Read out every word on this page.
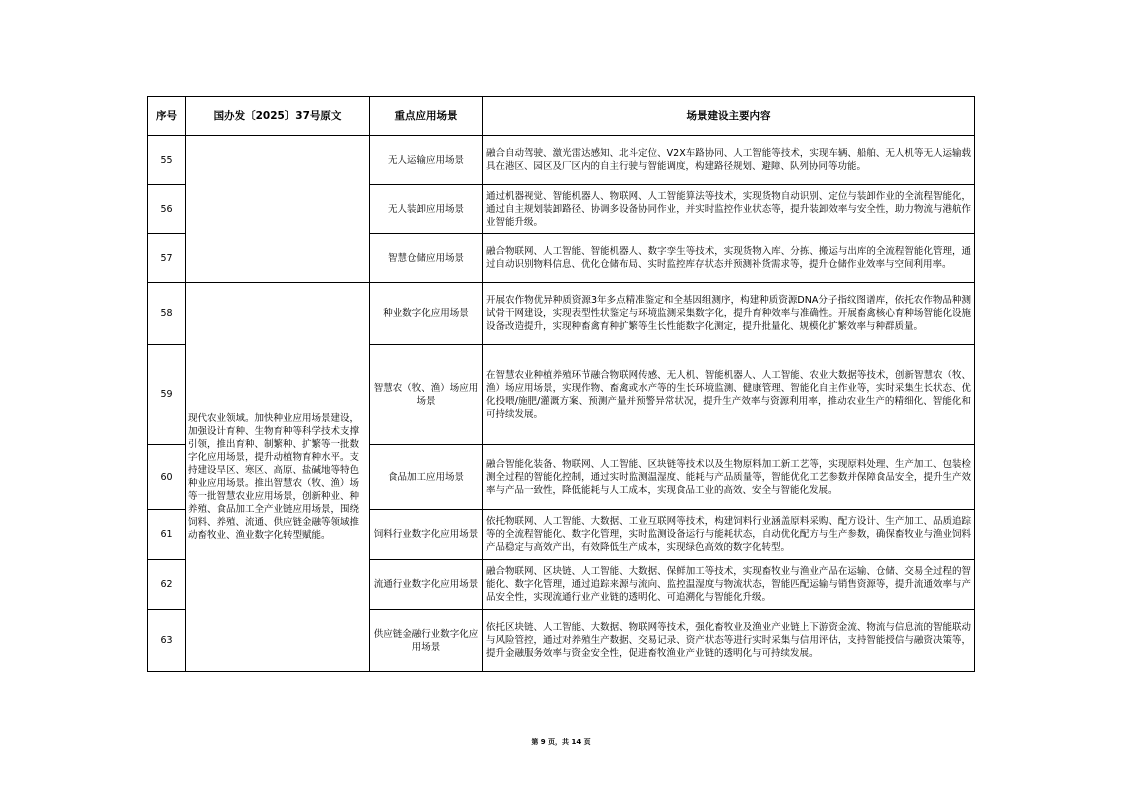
序号	国办发〔2025〕37号原文	重点应用场景	场景建设主要内容
55		无人运输应用场景	融合自动驾驶、激光雷达感知、北斗定位、V2X车路协同、人工智能等技术，实现车辆、船舶、无人机等无人运输载具在港区、园区及厂区内的自主行驶与智能调度，构建路径规划、避障、队列协同等功能。
56		无人装卸应用场景	通过机器视觉、智能机器人、物联网、人工智能算法等技术，实现货物自动识别、定位与装卸作业的全流程智能化，通过自主规划装卸路径、协调多设备协同作业，并实时监控作业状态等，提升装卸效率与安全性，助力物流与港航作业智能升级。
57		智慧仓储应用场景	融合物联网、人工智能、智能机器人、数字孪生等技术，实现货物入库、分拣、搬运与出库的全流程智能化管理，通过自动识别物料信息、优化仓储布局、实时监控库存状态并预测补货需求等，提升仓储作业效率与空间利用率。
58	现代农业领域。加快种业应用场景建设，加强设计育种、生物育种等科学技术支撑引领，推出育种、制繁种、扩繁等一批数字化应用场景，提升动植物育种水平。支持建设旱区、寒区、高原、盐碱地等特色种业应用场景。推出智慧农（牧、渔）场等一批智慧农业应用场景，创新种业、种养殖、食品加工全产业链应用场景，围绕饲料、养殖、流通、供应链金融等领域推动畜牧业、渔业数字化转型赋能。	种业数字化应用场景	开展农作物优异种质资源3年多点精准鉴定和全基因组测序，构建种质资源DNA分子指纹图谱库，依托农作物品种测试骨干网建设，实现表型性状鉴定与环境监测采集数字化，提升育种效率与准确性。开展畜禽核心育种场智能化设施设备改造提升，实现种畜禽育种扩繁等生长性能数字化测定，提升批量化、规模化扩繁效率与种群质量。
59		智慧农（牧、渔）场应用场景	在智慧农业种植养殖环节融合物联网传感、无人机、智能机器人、人工智能、农业大数据等技术，创新智慧农（牧、渔）场应用场景，实现作物、畜禽或水产等的生长环境监测、健康管理、智能化自主作业等，实时采集生长状态、优化投喂/施肥/灌溉方案、预测产量并预警异常状况，提升生产效率与资源利用率，推动农业生产的精细化、智能化和可持续发展。
60		食品加工应用场景	融合智能化装备、物联网、人工智能、区块链等技术以及生物原料加工新工艺等，实现原料处理、生产加工、包装检测全过程的智能化控制，通过实时监测温湿度、能耗与产品质量等，智能优化工艺参数并保障食品安全，提升生产效率与产品一致性，降低能耗与人工成本，实现食品工业的高效、安全与智能化发展。
61		饲料行业数字化应用场景	依托物联网、人工智能、大数据、工业互联网等技术，构建饲料行业涵盖原料采购、配方设计、生产加工、品质追踪等的全流程智能化、数字化管理，实时监测设备运行与能耗状态，自动优化配方与生产参数，确保畜牧业与渔业饲料产品稳定与高效产出，有效降低生产成本，实现绿色高效的数字化转型。
62		流通行业数字化应用场景	融合物联网、区块链、人工智能、大数据、保鲜加工等技术，实现畜牧业与渔业产品在运输、仓储、交易全过程的智能化、数字化管理，通过追踪来源与流向、监控温湿度与物流状态，智能匹配运输与销售资源等，提升流通效率与产品安全性，实现流通行业产业链的透明化、可追溯化与智能化升级。
63		供应链金融行业数字化应用场景	依托区块链、人工智能、大数据、物联网等技术，强化畜牧业及渔业产业链上下游资金流、物流与信息流的智能联动与风险管控，通过对养殖生产数据、交易记录、资产状态等进行实时采集与信用评估，支持智能授信与融资决策等，提升金融服务效率与资金安全性，促进畜牧渔业产业链的透明化与可持续发展。
第 9 页，共 14 页
